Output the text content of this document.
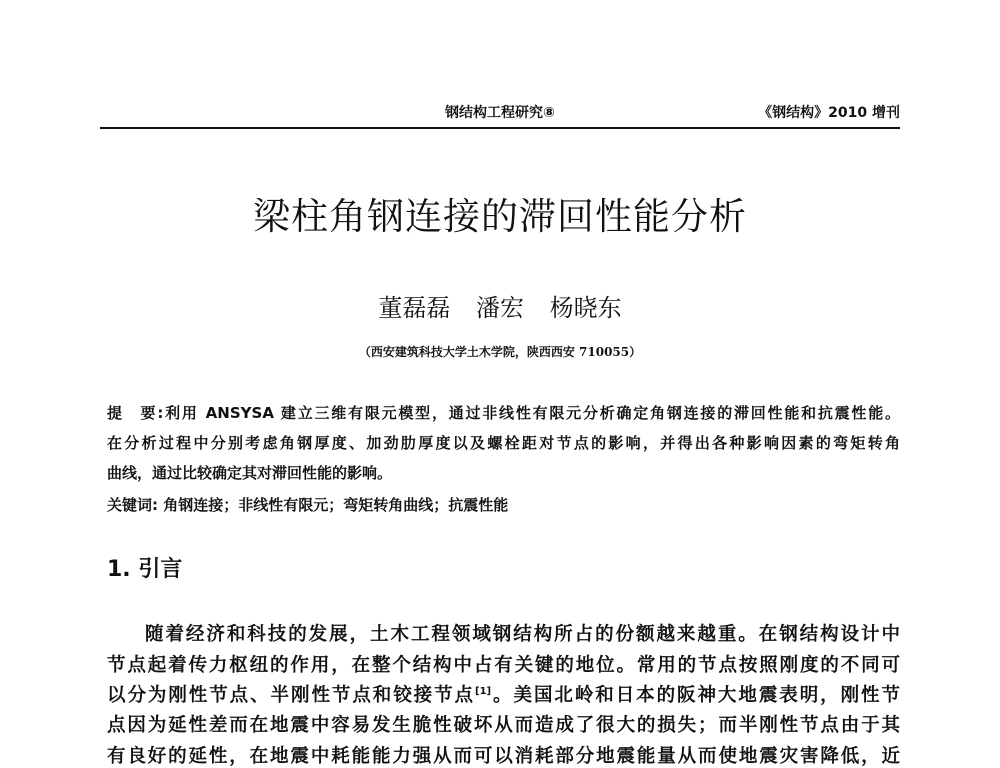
钢结构工程研究⑧	《钢结构》2010 增刊
梁柱角钢连接的滞回性能分析
董磊磊 潘宏 杨晓东
（西安建筑科技大学土木学院，陕西西安 710055）
提　要:利用 ANSYSA 建立三维有限元模型，通过非线性有限元分析确定角钢连接的滞回性能和抗震性能。
在分析过程中分别考虑角钢厚度、加劲肋厚度以及螺栓距对节点的影响，并得出各种影响因素的弯矩转角
曲线，通过比较确定其对滞回性能的影响。
关键词: 角钢连接；非线性有限元；弯矩转角曲线；抗震性能
1. 引言
随着经济和科技的发展，土木工程领域钢结构所占的份额越来越重。在钢结构设计中
节点起着传力枢纽的作用，在整个结构中占有关键的地位。常用的节点按照刚度的不同可
以分为刚性节点、半刚性节点和铰接节点[1]。美国北岭和日本的阪神大地震表明，刚性节
点因为延性差而在地震中容易发生脆性破坏从而造成了很大的损失；而半刚性节点由于其
有良好的延性，在地震中耗能能力强从而可以消耗部分地震能量从而使地震灾害降低，近
